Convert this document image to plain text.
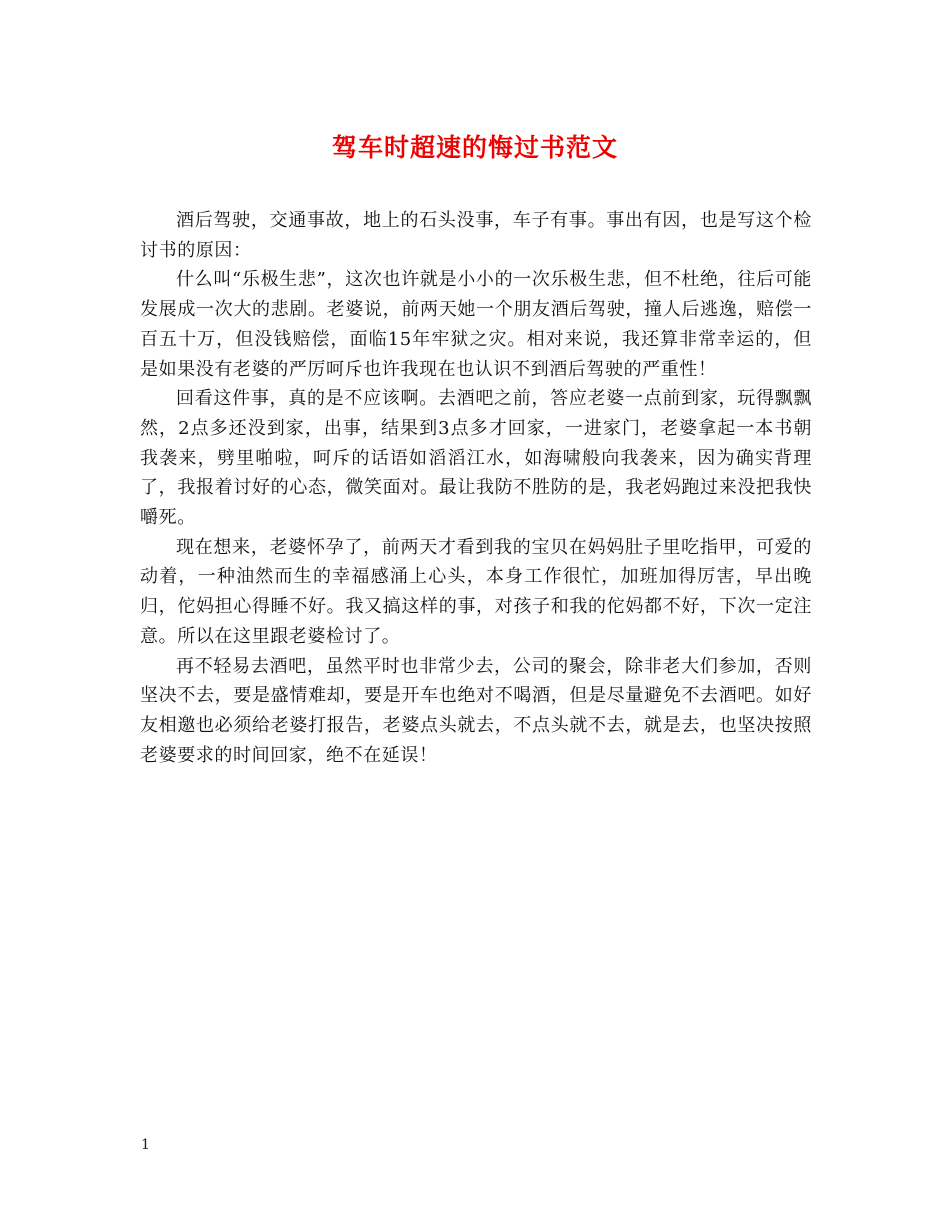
驾车时超速的悔过书范文

酒后驾驶，交通事故，地上的石头没事，车子有事。事出有因，也是写这个检讨书的原因：

什么叫“乐极生悲”，这次也许就是小小的一次乐极生悲，但不杜绝，往后可能发展成一次大的悲剧。老婆说，前两天她一个朋友酒后驾驶，撞人后逃逸，赔偿一百五十万，但没钱赔偿，面临15年牢狱之灾。相对来说，我还算非常幸运的，但是如果没有老婆的严厉呵斥也许我现在也认识不到酒后驾驶的严重性！

回看这件事，真的是不应该啊。去酒吧之前，答应老婆一点前到家，玩得飘飘然，2点多还没到家，出事，结果到3点多才回家，一进家门，老婆拿起一本书朝我袭来，劈里啪啦，呵斥的话语如滔滔江水，如海啸般向我袭来，因为确实背理了，我报着讨好的心态，微笑面对。最让我防不胜防的是，我老妈跑过来没把我快嚼死。

现在想来，老婆怀孕了，前两天才看到我的宝贝在妈妈肚子里吃指甲，可爱的动着，一种油然而生的幸福感涌上心头，本身工作很忙，加班加得厉害，早出晚归，佗妈担心得睡不好。我又搞这样的事，对孩子和我的佗妈都不好，下次一定注意。所以在这里跟老婆检讨了。

再不轻易去酒吧，虽然平时也非常少去，公司的聚会，除非老大们参加，否则坚决不去，要是盛情难却，要是开车也绝对不喝酒，但是尽量避免不去酒吧。如好友相邀也必须给老婆打报告，老婆点头就去，不点头就不去，就是去，也坚决按照老婆要求的时间回家，绝不在延误！

1
